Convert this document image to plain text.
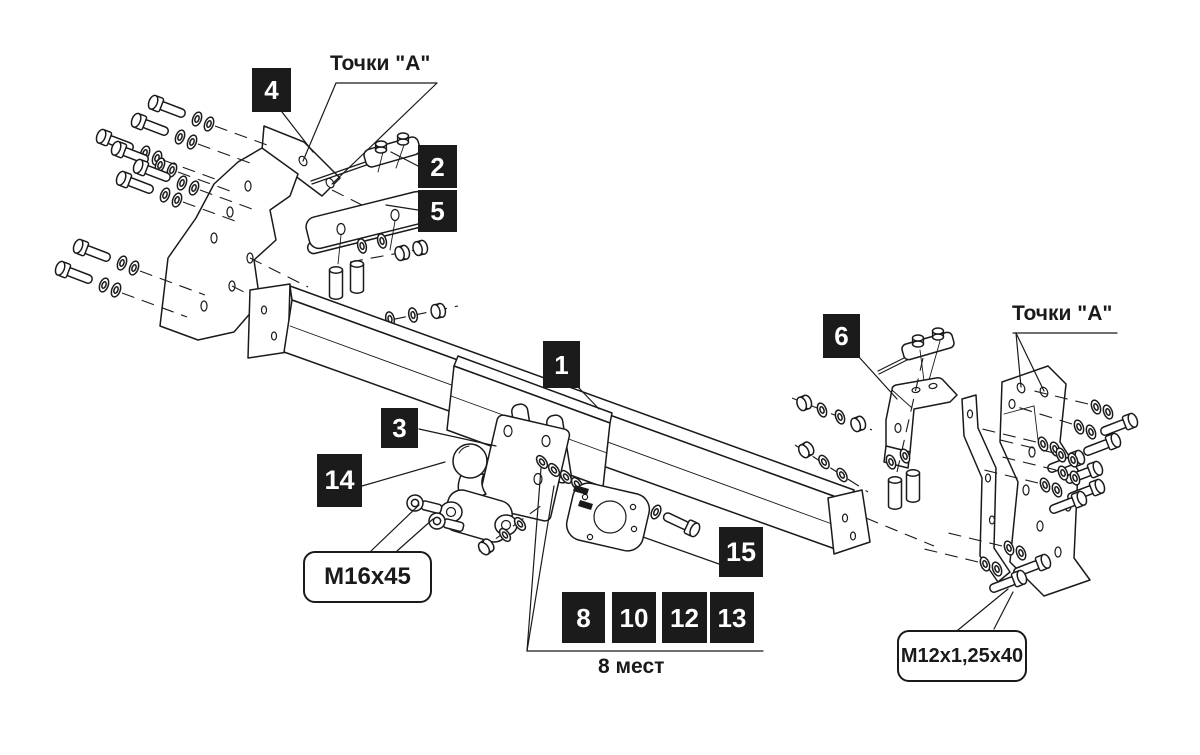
4
2
5
1
3
14
6
15
8	10 12 13
Точки "А"
Точки "А"
8 мест
M16x45
M12x1,25x40
